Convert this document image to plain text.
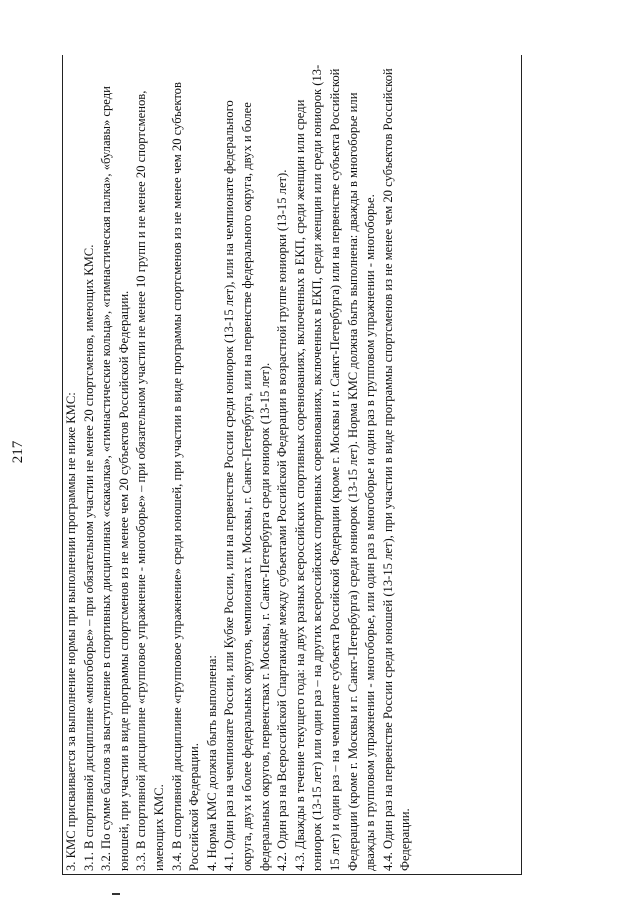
217	3. КМС присваивается за выполнение нормы при выполнении программы не ниже КМС: 3.1. В спортивной дисциплине «многоборье» – при обязательном участии не менее 20 спортсменов, имеющих КМС. 3.2. По сумме баллов за выступление в спортивных дисциплинах «скакалка», «гимнастические кольца», «гимнастическая палка», «булавы» среди юношей, при участии в виде программы спортсменов из не менее чем 20 субъектов Российской Федерации. 3.3. В спортивной дисциплине «групповое упражнение - многоборье» – при обязательном участии не менее 10 групп и не менее 20 спортсменов, имеющих КМС. 3.4. В спортивной дисциплине «групповое упражнение» среди юношей, при участии в виде программы спортсменов из не менее чем 20 субъектов Российской Федерации. 4. Норма КМС должна быть выполнена: 4.1. Один раз на чемпионате России, или Кубке России, или на первенстве России среди юниорок (13-15 лет), или на чемпионате федерального округа, двух и более федеральных округов, чемпионатах г. Москвы, г. Санкт-Петербурга, или на первенстве федерального округа, двух и более федеральных округов, первенствах г. Москвы, г. Санкт-Петербурга среди юниорок (13-15 лет). 4.2. Один раз на Всероссийской Спартакиаде между субъектами Российской Федерации в возрастной группе юниорки (13-15 лет). 4.3. Дважды в течение текущего года: на двух разных всероссийских спортивных соревнованиях, включенных в ЕКП, среди женщин или среди юниорок (13-15 лет) или один раз – на других всероссийских спортивных соревнованиях, включенных в ЕКП, среди женщин или среди юниорок (13-15 лет) и один раз – на чемпионате субъекта Российской Федерации (кроме г. Москвы и г. Санкт-Петербурга) или на первенстве субъекта Российской Федерации (кроме г. Москвы и г. Санкт-Петербурга) среди юниорок (13-15 лет). Норма КМС должна быть выполнена: дважды в многоборье или дважды в групповом упражнении - многоборье, или один раз в многоборье и один раз в групповом упражнении - многоборье. 4.4. Один раз на первенстве России среди юношей (13-15 лет), при участии в виде программы спортсменов из не менее чем 20 субъектов Российской Федерации.
